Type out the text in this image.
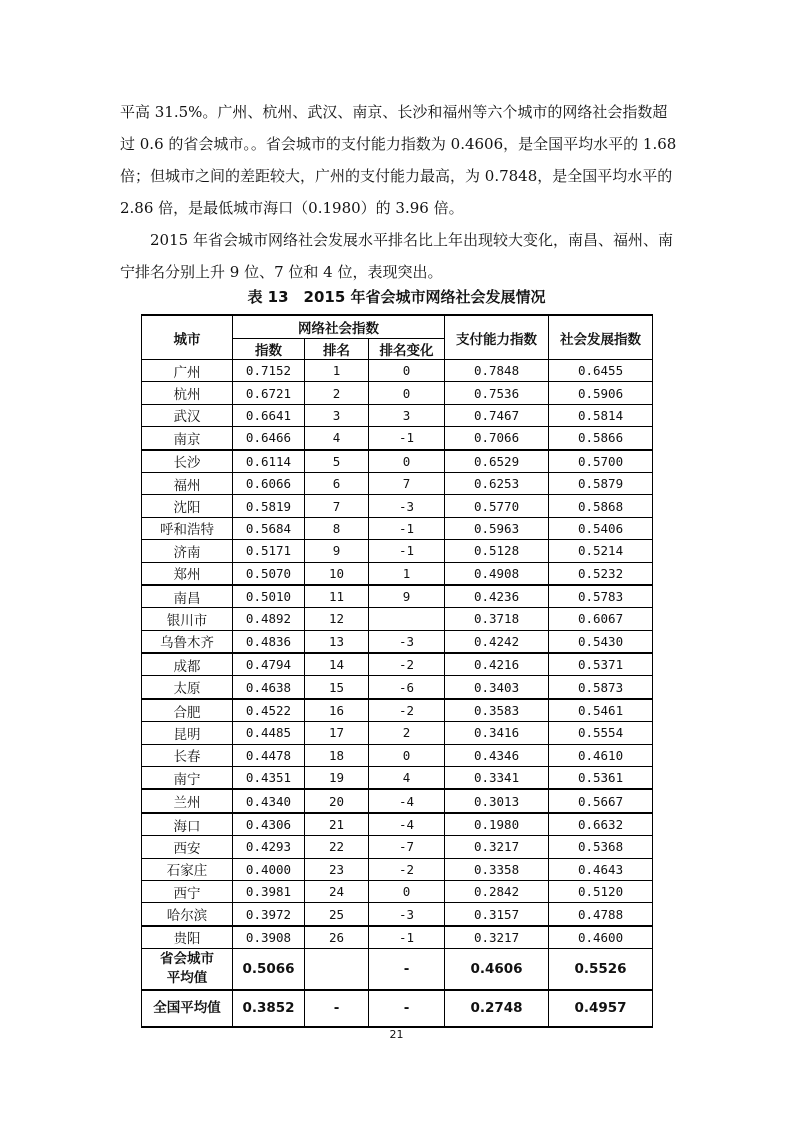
平高 31.5%。广州、杭州、武汉、南京、长沙和福州等六个城市的网络社会指数超过 0.6 的省会城市。。省会城市的支付能力指数为 0.4606，是全国平均水平的 1.68 倍；但城市之间的差距较大，广州的支付能力最高，为 0.7848，是全国平均水平的 2.86 倍，是最低城市海口（0.1980）的 3.96 倍。

2015 年省会城市网络社会发展水平排名比上年出现较大变化，南昌、福州、南宁排名分别上升 9 位、7 位和 4 位，表现突出。

表 13　2015 年省会城市网络社会发展情况
城市	网络社会指数			支付能力指数	社会发展指数
	指数	排名	排名变化		
广州	0.7152	1	0	0.7848	0.6455
杭州	0.6721	2	0	0.7536	0.5906
武汉	0.6641	3	3	0.7467	0.5814
南京	0.6466	4	-1	0.7066	0.5866
长沙	0.6114	5	0	0.6529	0.5700
福州	0.6066	6	7	0.6253	0.5879
沈阳	0.5819	7	-3	0.5770	0.5868
呼和浩特	0.5684	8	-1	0.5963	0.5406
济南	0.5171	9	-1	0.5128	0.5214
郑州	0.5070	10	1	0.4908	0.5232
南昌	0.5010	11	9	0.4236	0.5783
银川市	0.4892	12		0.3718	0.6067
乌鲁木齐	0.4836	13	-3	0.4242	0.5430
成都	0.4794	14	-2	0.4216	0.5371
太原	0.4638	15	-6	0.3403	0.5873
合肥	0.4522	16	-2	0.3583	0.5461
昆明	0.4485	17	2	0.3416	0.5554
长春	0.4478	18	0	0.4346	0.4610
南宁	0.4351	19	4	0.3341	0.5361
兰州	0.4340	20	-4	0.3013	0.5667
海口	0.4306	21	-4	0.1980	0.6632
西安	0.4293	22	-7	0.3217	0.5368
石家庄	0.4000	23	-2	0.3358	0.4643
西宁	0.3981	24	0	0.2842	0.5120
哈尔滨	0.3972	25	-3	0.3157	0.4788
贵阳	0.3908	26	-1	0.3217	0.4600
省会城市
平均值	0.5066		-	0.4606	0.5526
全国平均值	0.3852	-	-	0.2748	0.4957
21
